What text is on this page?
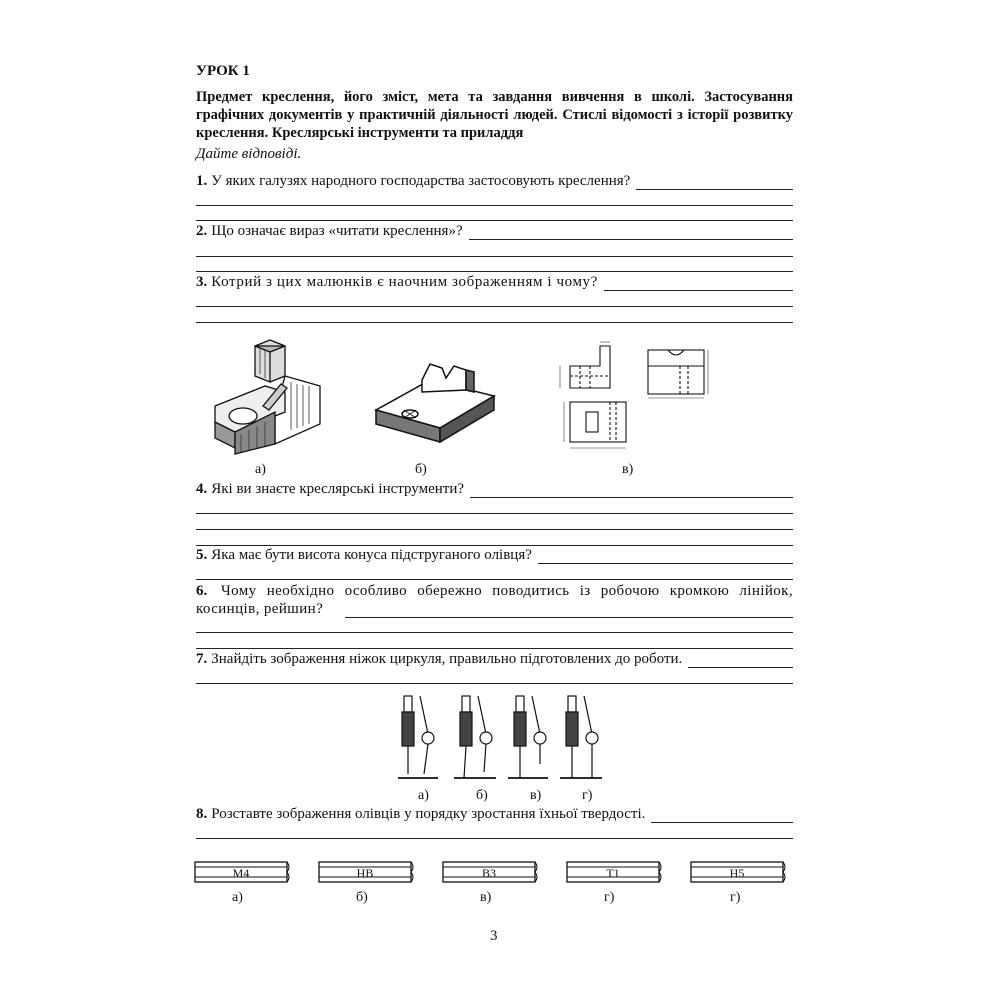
УРОК 1
Предмет креслення, його зміст, мета та завдання вивчення в школі. Застосування графічних документів у практичній діяльності людей. Стислі відомості з історії розвитку креслення. Креслярські інструменти та приладдя
Дайте відповіді.
1. У яких галузях народного господарства застосовують креслення?
2. Що означає вираз «читати креслення»?
3. Котрий з цих малюнків є наочним зображенням і чому?
а)	б)	в)
4. Які ви знаєте креслярські інструменти?
5. Яка має бути висота конуса підструганого олівця?
6. Чому необхідно особливо обережно поводитись із робочою кромкою лінійок, косинців, рейшин?
7. Знайдіть зображення ніжок циркуля, правильно підготовлених до роботи.
а)	б)	в)	г)
8. Розставте зображення олівців у порядку зростання їхньої твердості.
М4	НВ	В3	Т1	Н5
а)	б)	в)	г)	г)
3
